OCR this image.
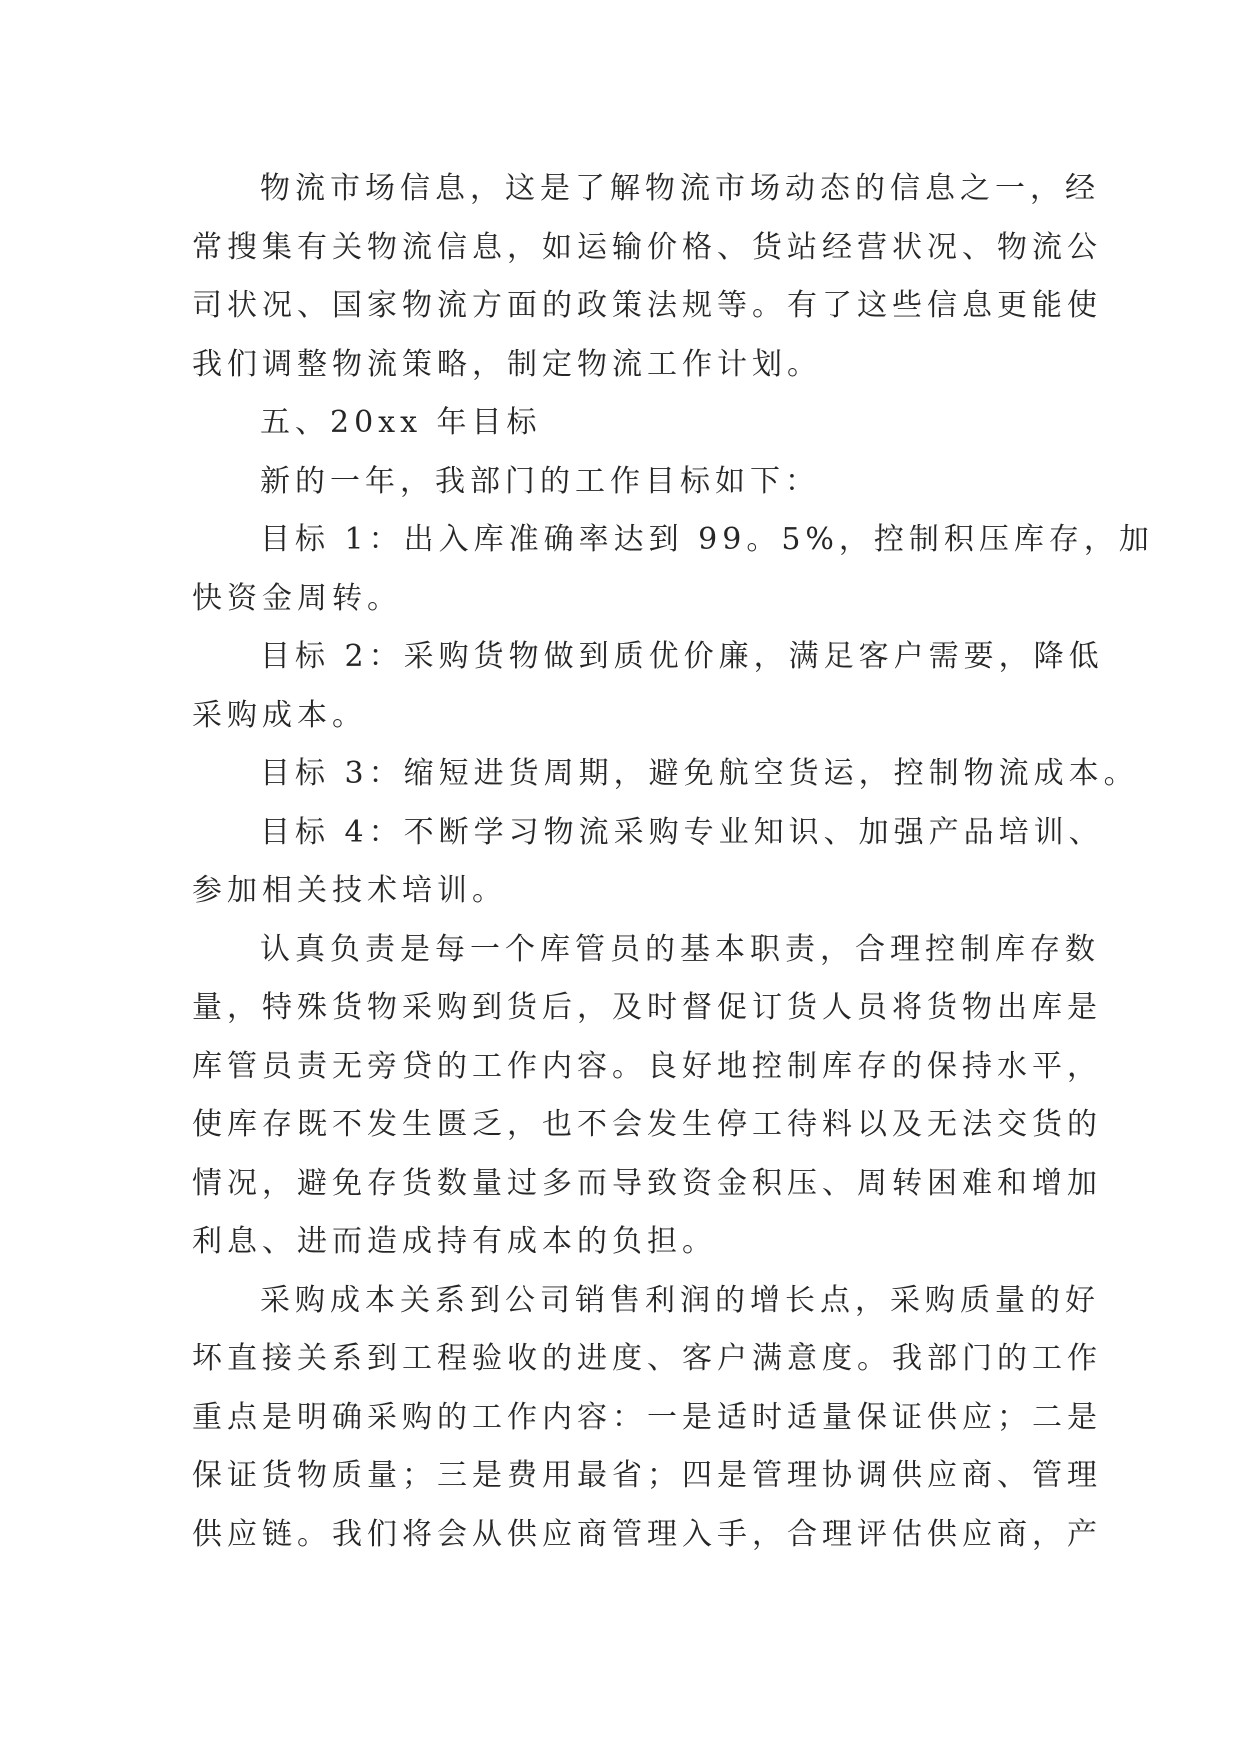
物流市场信息，这是了解物流市场动态的信息之一，经
常搜集有关物流信息，如运输价格、货站经营状况、物流公
司状况、国家物流方面的政策法规等。有了这些信息更能使
我们调整物流策略，制定物流工作计划。

五、20xx 年目标

新的一年，我部门的工作目标如下：

目标 1：出入库准确率达到 99。5%，控制积压库存，加
快资金周转。

目标 2：采购货物做到质优价廉，满足客户需要，降低
采购成本。

目标 3：缩短进货周期，避免航空货运，控制物流成本。

目标 4：不断学习物流采购专业知识、加强产品培训、
参加相关技术培训。

认真负责是每一个库管员的基本职责，合理控制库存数
量，特殊货物采购到货后，及时督促订货人员将货物出库是
库管员责无旁贷的工作内容。良好地控制库存的保持水平，
使库存既不发生匮乏，也不会发生停工待料以及无法交货的
情况，避免存货数量过多而导致资金积压、周转困难和增加
利息、进而造成持有成本的负担。

采购成本关系到公司销售利润的增长点，采购质量的好
坏直接关系到工程验收的进度、客户满意度。我部门的工作
重点是明确采购的工作内容：一是适时适量保证供应；二是
保证货物质量；三是费用最省；四是管理协调供应商、管理
供应链。我们将会从供应商管理入手，合理评估供应商，产
